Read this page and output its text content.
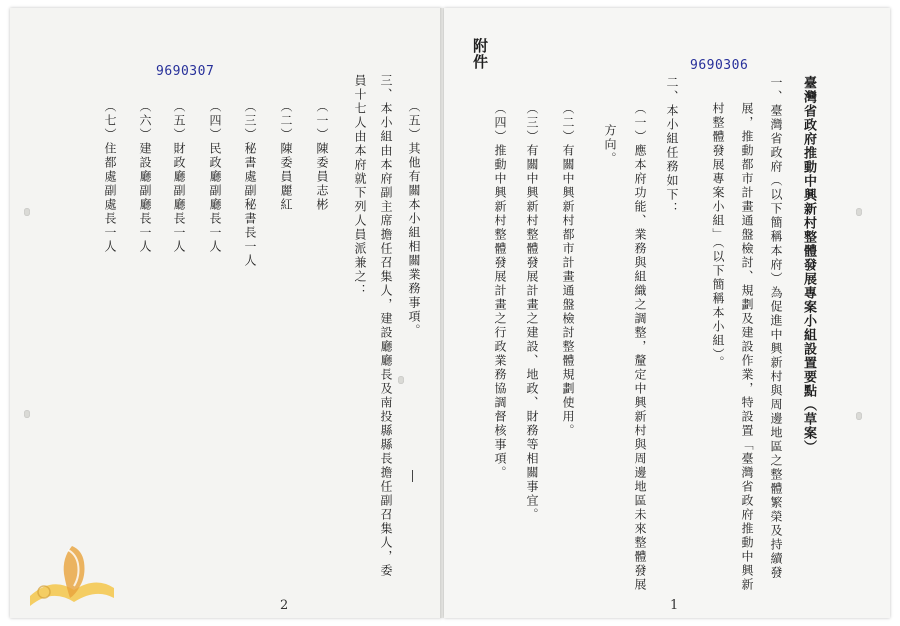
9690307
（五）其他有關本小組相關業務事項。
三、本小組由本府副主席擔任召集人，建設廳廳長及南投縣縣長擔任副召集人，委
員十七人由本府就下列人員派兼之：
（一）陳委員志彬
（二）陳委員麗紅
（三）秘書處副秘書長一人
（四）民政廳副廳長一人
（五）財政廳副廳長一人
（六）建設廳副廳長一人
（七）住都處副處長一人
2
附件	9690306
臺灣省政府推動中興新村整體發展專案小組設置要點（草案）
一、臺灣省政府（以下簡稱本府）為促進中興新村與周邊地區之整體繁榮及持續發
展，推動都市計畫通盤檢討、規劃及建設作業，特設置「臺灣省政府推動中興新
村整體發展專案小組」（以下簡稱本小組）。
二、本小組任務如下：
（一）應本府功能、業務與組織之調整，釐定中興新村與周邊地區未來整體發展
方向。
（二）有關中興新村都市計畫通盤檢討整體規劃使用。
（三）有關中興新村整體發展計畫之建設、地政、財務等相關事宜。
（四）推動中興新村整體發展計畫之行政業務協調督核事項。
1
